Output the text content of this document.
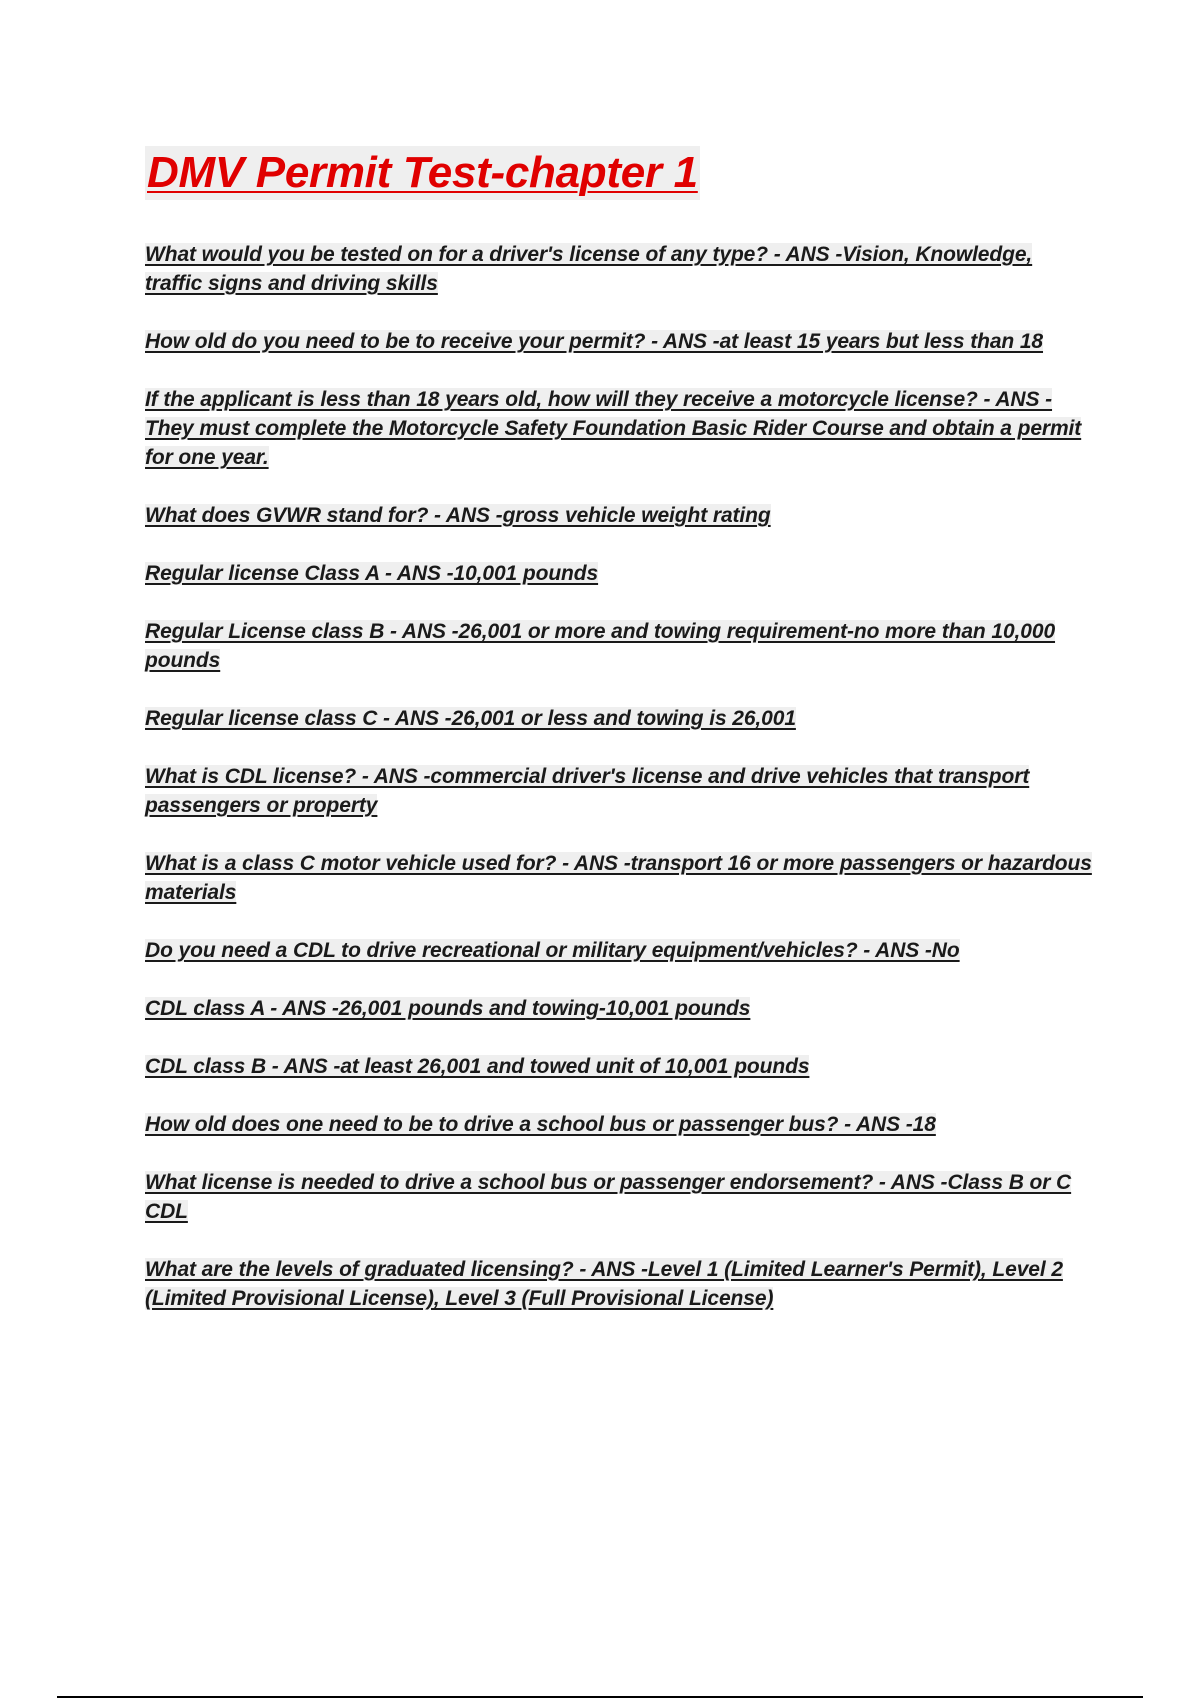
DMV Permit Test-chapter 1

What would you be tested on for a driver's license of any type? - ANS -Vision, Knowledge, traffic signs and driving skills

How old do you need to be to receive your permit? - ANS -at least 15 years but less than 18

If the applicant is less than 18 years old, how will they receive a motorcycle license? - ANS -They must complete the Motorcycle Safety Foundation Basic Rider Course and obtain a permit for one year.

What does GVWR stand for? - ANS -gross vehicle weight rating

Regular license Class A - ANS -10,001 pounds

Regular License class B - ANS -26,001 or more and towing requirement-no more than 10,000 pounds

Regular license class C - ANS -26,001 or less and towing is 26,001

What is CDL license? - ANS -commercial driver's license and drive vehicles that transport passengers or property

What is a class C motor vehicle used for? - ANS -transport 16 or more passengers or hazardous materials

Do you need a CDL to drive recreational or military equipment/vehicles? - ANS -No

CDL class A - ANS -26,001 pounds and towing-10,001 pounds

CDL class B - ANS -at least 26,001 and towed unit of 10,001 pounds

How old does one need to be to drive a school bus or passenger bus? - ANS -18

What license is needed to drive a school bus or passenger endorsement? - ANS -Class B or C CDL

What are the levels of graduated licensing? - ANS -Level 1 (Limited Learner's Permit), Level 2 (Limited Provisional License), Level 3 (Full Provisional License)
